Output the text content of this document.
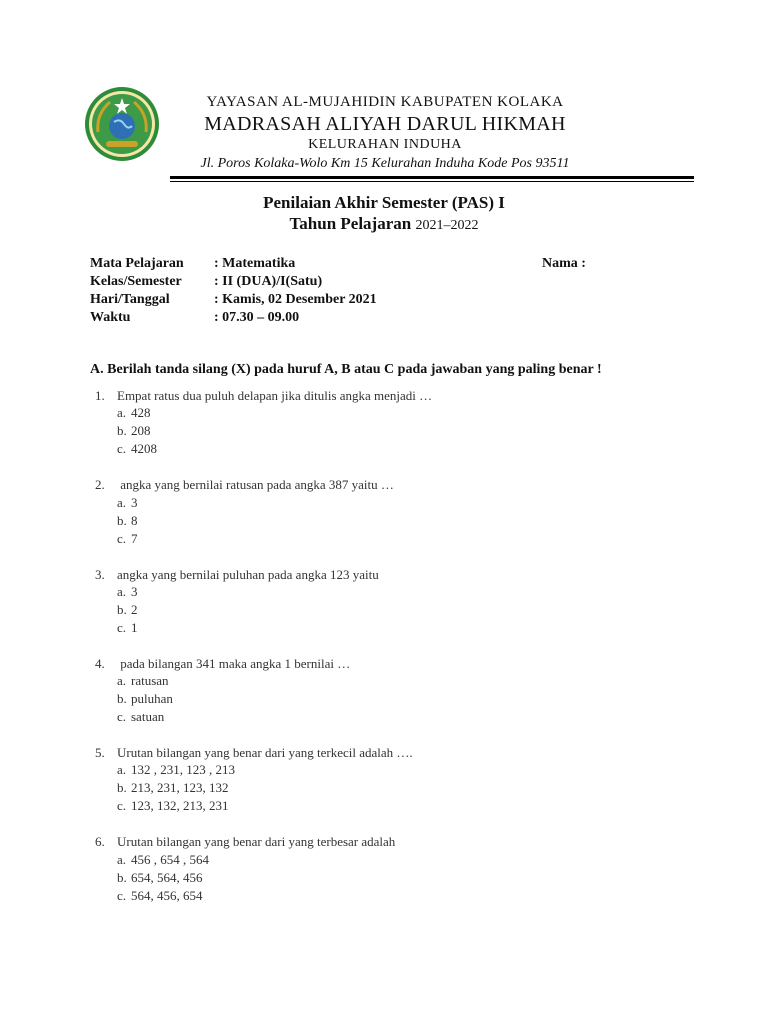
YAYASAN AL-MUJAHIDIN KABUPATEN KOLAKA
MADRASAH ALIYAH DARUL HIKMAH
KELURAHAN INDUHA
Jl. Poros Kolaka-Wolo Km 15 Kelurahan Induha Kode Pos 93511
Penilaian Akhir Semester (PAS) I
Tahun Pelajaran 2021–2022
Mata Pelajaran : Matematika
Kelas/Semester : II (DUA)/I(Satu)
Hari/Tanggal	: Kamis, 02 Desember 2021
Waktu	: 07.30 – 09.00
Nama :
A. Berilah tanda silang (X) pada huruf A, B atau C pada jawaban yang paling benar !
1. Empat ratus dua puluh delapan jika ditulis angka menjadi …
a. 428
b. 208
c. 4208
2. angka yang bernilai ratusan pada angka 387 yaitu …
a. 3
b. 8
c. 7
3. angka yang bernilai puluhan pada angka 123 yaitu
a. 3
b. 2
c. 1
4. pada bilangan 341 maka angka 1 bernilai …
a. ratusan
b. puluhan
c. satuan
5. Urutan bilangan yang benar dari yang terkecil adalah ….
a. 132 , 231, 123 , 213
b. 213, 231, 123, 132
c. 123, 132, 213, 231
6. Urutan bilangan yang benar dari yang terbesar adalah
a. 456 , 654 , 564
b. 654, 564, 456
c. 564, 456, 654
